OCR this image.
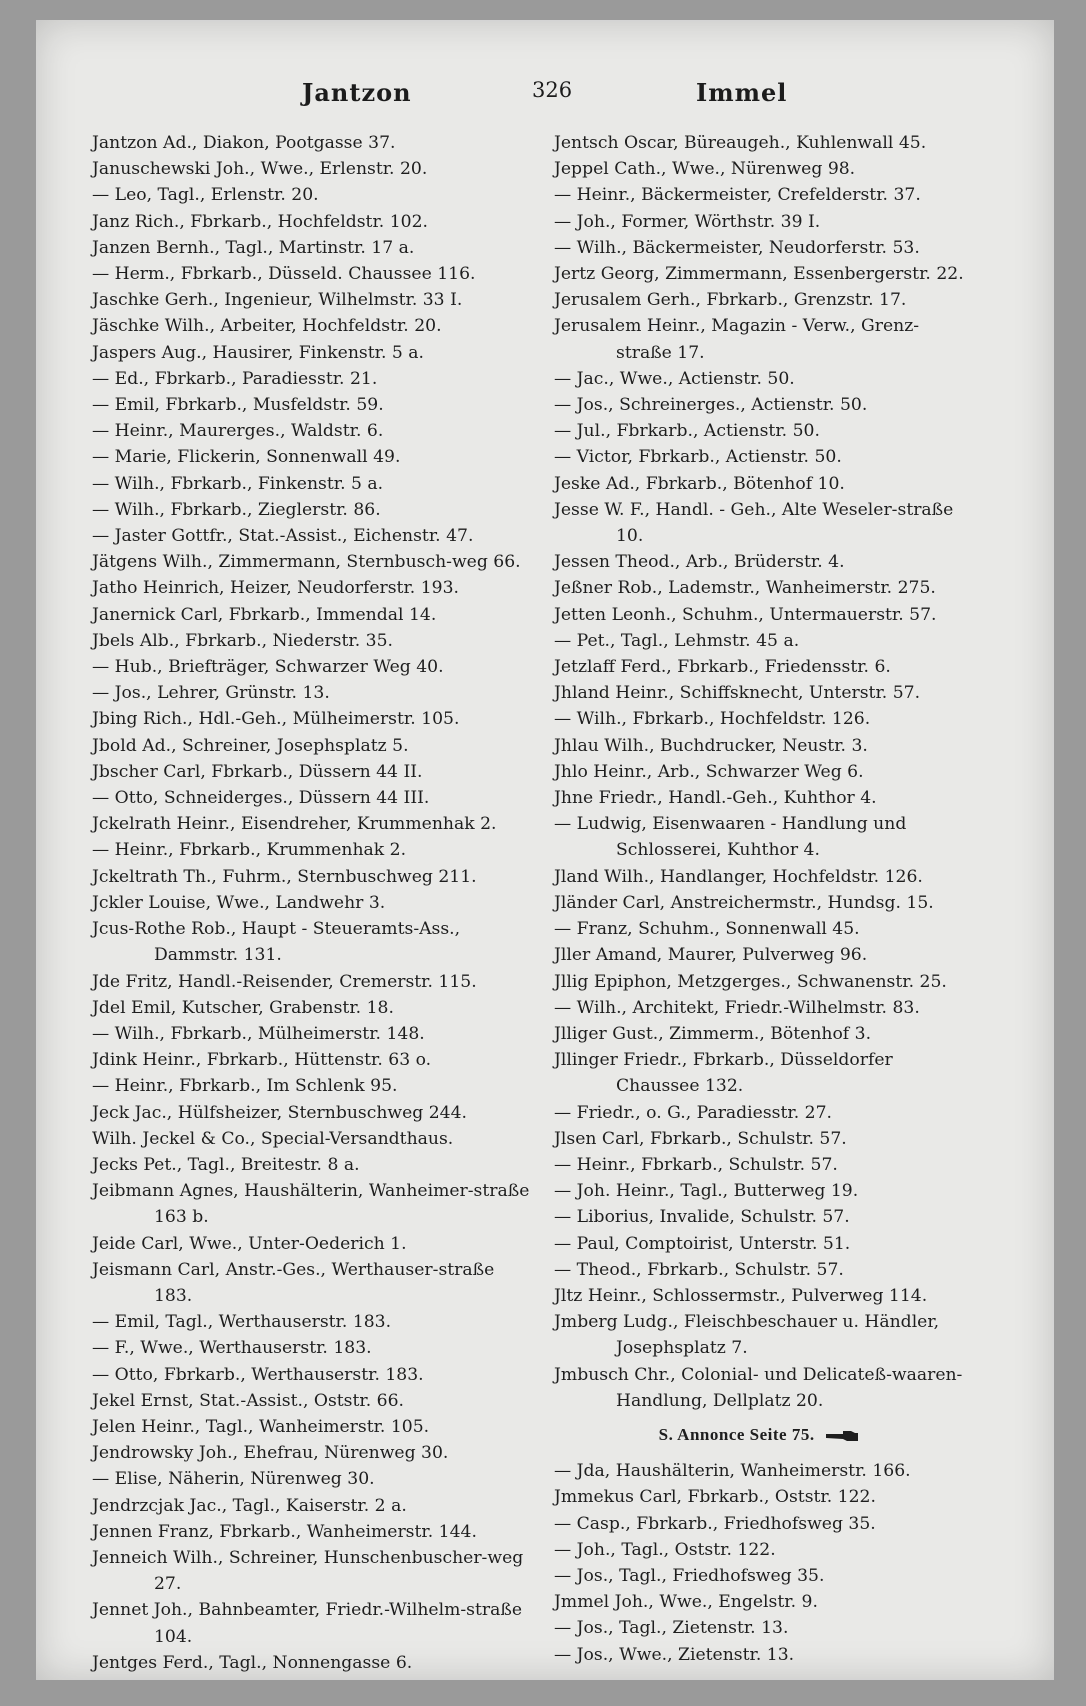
Jantzon	326	Immel
Jantzon Ad., Diakon, Pootgasse 37.
Januschewski Joh., Wwe., Erlenstr. 20.
— Leo, Tagl., Erlenstr. 20.
Janz Rich., Fbrkarb., Hochfeldstr. 102.
Janzen Bernh., Tagl., Martinstr. 17 a.
— Herm., Fbrkarb., Düsseld. Chaussee 116.
Jaschke Gerh., Ingenieur, Wilhelmstr. 33 I.
Jäschke Wilh., Arbeiter, Hochfeldstr. 20.
Jaspers Aug., Hausirer, Finkenstr. 5 a.
— Ed., Fbrkarb., Paradiesstr. 21.
— Emil, Fbrkarb., Musfeldstr. 59.
— Heinr., Maurerges., Waldstr. 6.
— Marie, Flickerin, Sonnenwall 49.
— Wilh., Fbrkarb., Finkenstr. 5 a.
— Wilh., Fbrkarb., Zieglerstr. 86.
— Jaster Gottfr., Stat.-Assist., Eichenstr. 47.
Jätgens Wilh., Zimmermann, Sternbusch-weg 66.
Jatho Heinrich, Heizer, Neudorferstr. 193.
Janernick Carl, Fbrkarb., Immendal 14.
Jbels Alb., Fbrkarb., Niederstr. 35.
— Hub., Briefträger, Schwarzer Weg 40.
— Jos., Lehrer, Grünstr. 13.
Jbing Rich., Hdl.-Geh., Mülheimerstr. 105.
Jbold Ad., Schreiner, Josephsplatz 5.
Jbscher Carl, Fbrkarb., Düssern 44 II.
— Otto, Schneiderges., Düssern 44 III.
Jckelrath Heinr., Eisendreher, Krummenhak 2.
— Heinr., Fbrkarb., Krummenhak 2.
Jckeltrath Th., Fuhrm., Sternbuschweg 211.
Jckler Louise, Wwe., Landwehr 3.
Jcus-Rothe Rob., Haupt - Steueramts-Ass., Dammstr. 131.
Jde Fritz, Handl.-Reisender, Cremerstr. 115.
Jdel Emil, Kutscher, Grabenstr. 18.
— Wilh., Fbrkarb., Mülheimerstr. 148.
Jdink Heinr., Fbrkarb., Hüttenstr. 63 o.
— Heinr., Fbrkarb., Im Schlenk 95.
Jeck Jac., Hülfsheizer, Sternbuschweg 244.
Wilh. Jeckel & Co., Special-Versandthaus.
Jecks Pet., Tagl., Breitestr. 8 a.
Jeibmann Agnes, Haushälterin, Wanheimer-straße 163 b.
Jeide Carl, Wwe., Unter-Oederich 1.
Jeismann Carl, Anstr.-Ges., Werthauser-straße 183.
— Emil, Tagl., Werthauserstr. 183.
— F., Wwe., Werthauserstr. 183.
— Otto, Fbrkarb., Werthauserstr. 183.
Jekel Ernst, Stat.-Assist., Oststr. 66.
Jelen Heinr., Tagl., Wanheimerstr. 105.
Jendrowsky Joh., Ehefrau, Nürenweg 30.
— Elise, Näherin, Nürenweg 30.
Jendrzcjak Jac., Tagl., Kaiserstr. 2 a.
Jennen Franz, Fbrkarb., Wanheimerstr. 144.
Jenneich Wilh., Schreiner, Hunschenbuscher-weg 27.
Jennet Joh., Bahnbeamter, Friedr.-Wilhelm-straße 104.
Jentges Ferd., Tagl., Nonnengasse 6.
Jentsch Oscar, Büreaugeh., Kuhlenwall 45.
Jeppel Cath., Wwe., Nürenweg 98.
— Heinr., Bäckermeister, Crefelderstr. 37.
— Joh., Former, Wörthstr. 39 I.
— Wilh., Bäckermeister, Neudorferstr. 53.
Jertz Georg, Zimmermann, Essenbergerstr. 22.
Jerusalem Gerh., Fbrkarb., Grenzstr. 17.
Jerusalem Heinr., Magazin - Verw., Grenz-straße 17.
— Jac., Wwe., Actienstr. 50.
— Jos., Schreinerges., Actienstr. 50.
— Jul., Fbrkarb., Actienstr. 50.
— Victor, Fbrkarb., Actienstr. 50.
Jeske Ad., Fbrkarb., Bötenhof 10.
Jesse W. F., Handl. - Geh., Alte Weseler-straße 10.
Jessen Theod., Arb., Brüderstr. 4.
Jeßner Rob., Lademstr., Wanheimerstr. 275.
Jetten Leonh., Schuhm., Untermauerstr. 57.
— Pet., Tagl., Lehmstr. 45 a.
Jetzlaff Ferd., Fbrkarb., Friedensstr. 6.
Jhland Heinr., Schiffsknecht, Unterstr. 57.
— Wilh., Fbrkarb., Hochfeldstr. 126.
Jhlau Wilh., Buchdrucker, Neustr. 3.
Jhlo Heinr., Arb., Schwarzer Weg 6.
Jhne Friedr., Handl.-Geh., Kuhthor 4.
— Ludwig, Eisenwaaren - Handlung und Schlosserei, Kuhthor 4.
Jland Wilh., Handlanger, Hochfeldstr. 126.
Jländer Carl, Anstreichermstr., Hundsg. 15.
— Franz, Schuhm., Sonnenwall 45.
Jller Amand, Maurer, Pulverweg 96.
Jllig Epiphon, Metzgerges., Schwanenstr. 25.
— Wilh., Architekt, Friedr.-Wilhelmstr. 83.
Jlliger Gust., Zimmerm., Bötenhof 3.
Jllinger Friedr., Fbrkarb., Düsseldorfer Chaussee 132.
— Friedr., o. G., Paradiesstr. 27.
Jlsen Carl, Fbrkarb., Schulstr. 57.
— Heinr., Fbrkarb., Schulstr. 57.
— Joh. Heinr., Tagl., Butterweg 19.
— Liborius, Invalide, Schulstr. 57.
— Paul, Comptoirist, Unterstr. 51.
— Theod., Fbrkarb., Schulstr. 57.
Jltz Heinr., Schlossermstr., Pulverweg 114.
Jmberg Ludg., Fleischbeschauer u. Händler, Josephsplatz 7.
Jmbusch Chr., Colonial- und Delicateß-waaren-Handlung, Dellplatz 20.
S. Annonce Seite 75.
— Jda, Haushälterin, Wanheimerstr. 166.
Jmmekus Carl, Fbrkarb., Oststr. 122.
— Casp., Fbrkarb., Friedhofsweg 35.
— Joh., Tagl., Oststr. 122.
— Jos., Tagl., Friedhofsweg 35.
Jmmel Joh., Wwe., Engelstr. 9.
— Jos., Tagl., Zietenstr. 13.
— Jos., Wwe., Zietenstr. 13.
